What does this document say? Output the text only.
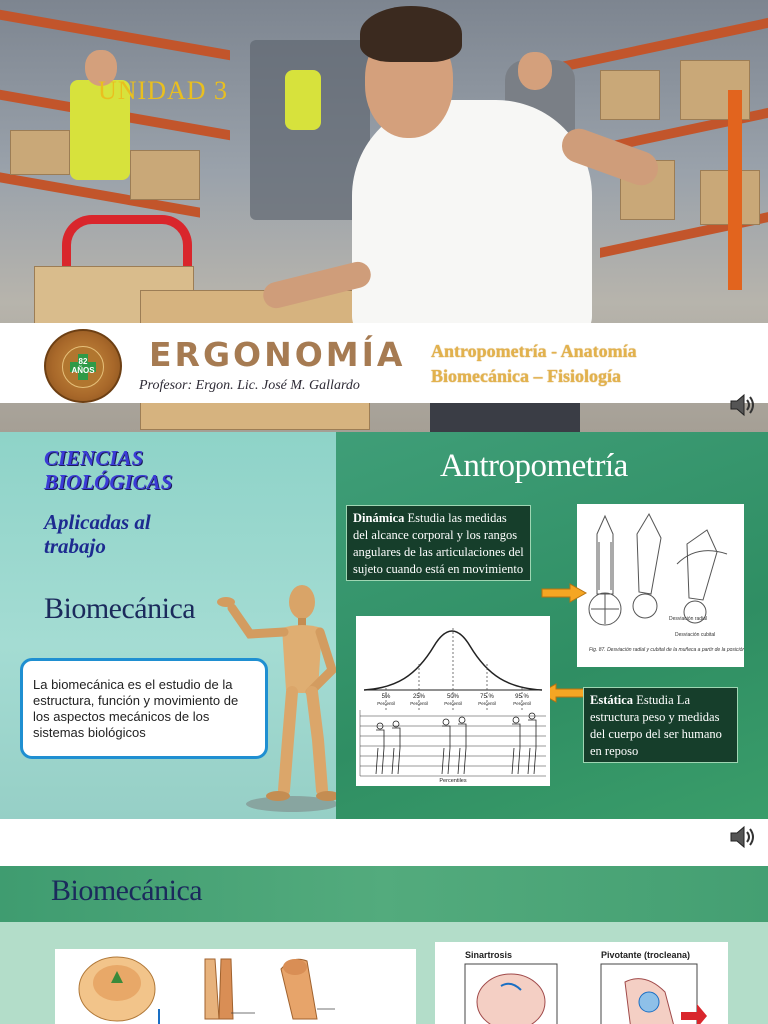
UNIDAD 3
82 AÑOS ERGONOMÍA
Profesor: Ergon. Lic. José M. Gallardo
Antropometría - Anatomía
Biomecánica – Fisiología
CIENCIAS
BIOLÓGICAS
Aplicadas al
trabajo
Biomecánica
La biomecánica es el estudio de la estructura, función y movimiento de los aspectos mecánicos de los sistemas biológicos
Antropometría
Dinámica Estudia las medidas del alcance corporal y los rangos angulares de las articulaciones del sujeto cuando está en movimiento
Desviación radial
Desviación cubital
Fig. 87. Desviación radial y cubital de la muñeca a partir de la posición 0.
5%	25%	50%	75 %	95 %
Percentil	Percentil	Percentil	Percentil	Percentil
Percentiles
Estática Estudia La estructura peso y medidas del cuerpo del ser humano en reposo
Biomecánica
Sinartrosis	Pivotante (trocleana)
